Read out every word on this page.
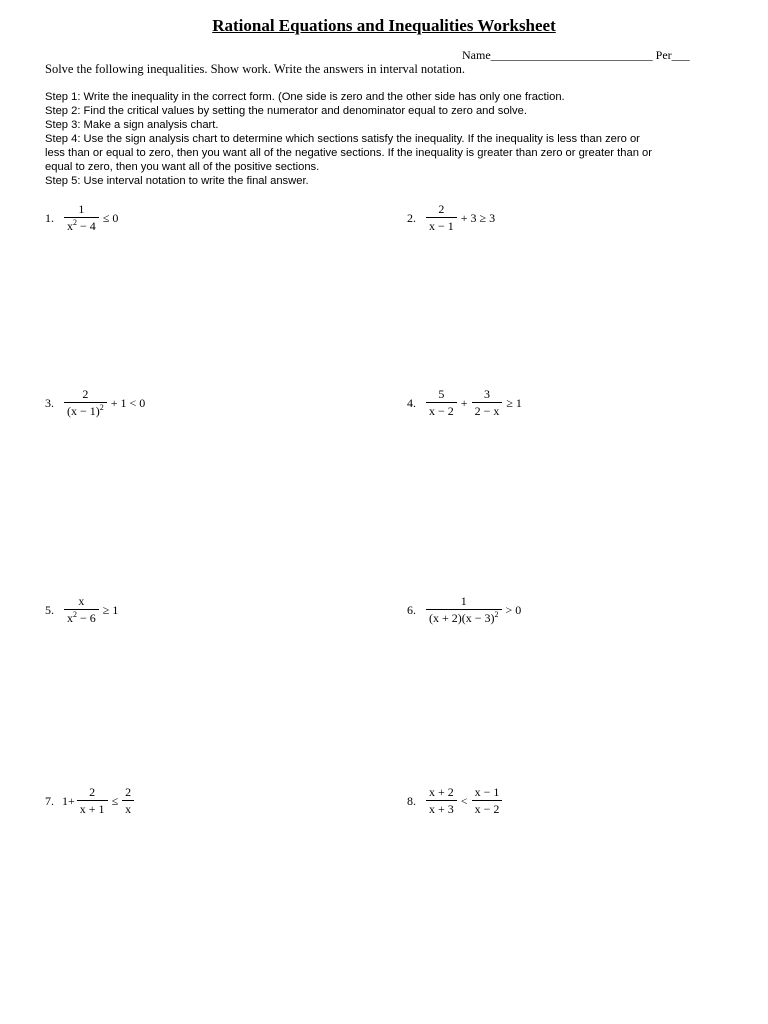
Rational Equations and Inequalities Worksheet
Name___________________________ Per___
Solve the following inequalities. Show work. Write the answers in interval notation.
Step 1: Write the inequality in the correct form. (One side is zero and the other side has only one fraction.
Step 2: Find the critical values by setting the numerator and denominator equal to zero and solve.
Step 3: Make a sign analysis chart.
Step 4: Use the sign analysis chart to determine which sections satisfy the inequality. If the inequality is less than zero or
less than or equal to zero, then you want all of the negative sections. If the inequality is greater than zero or greater than or
equal to zero, then you want all of the positive sections.
Step 5: Use interval notation to write the final answer.
1. $\frac{1}{x^2 - 4} \le 0$	2. $\frac{2}{x - 1} + 3 \ge 3$
3. $\frac{2}{(x - 1)^2} + 1 < 0$	4. $\frac{5}{x - 2} + \frac{3}{2 - x} \ge 1$
5. $\frac{x}{x^2 - 6} \ge 1$	6. $\frac{1}{(x + 2)(x - 3)^2} > 0$
7. $1+ \frac{2}{x + 1} \le \frac{2}{x}$	8. $\frac{x + 2}{x + 3} < \frac{x - 1}{x - 2}$
